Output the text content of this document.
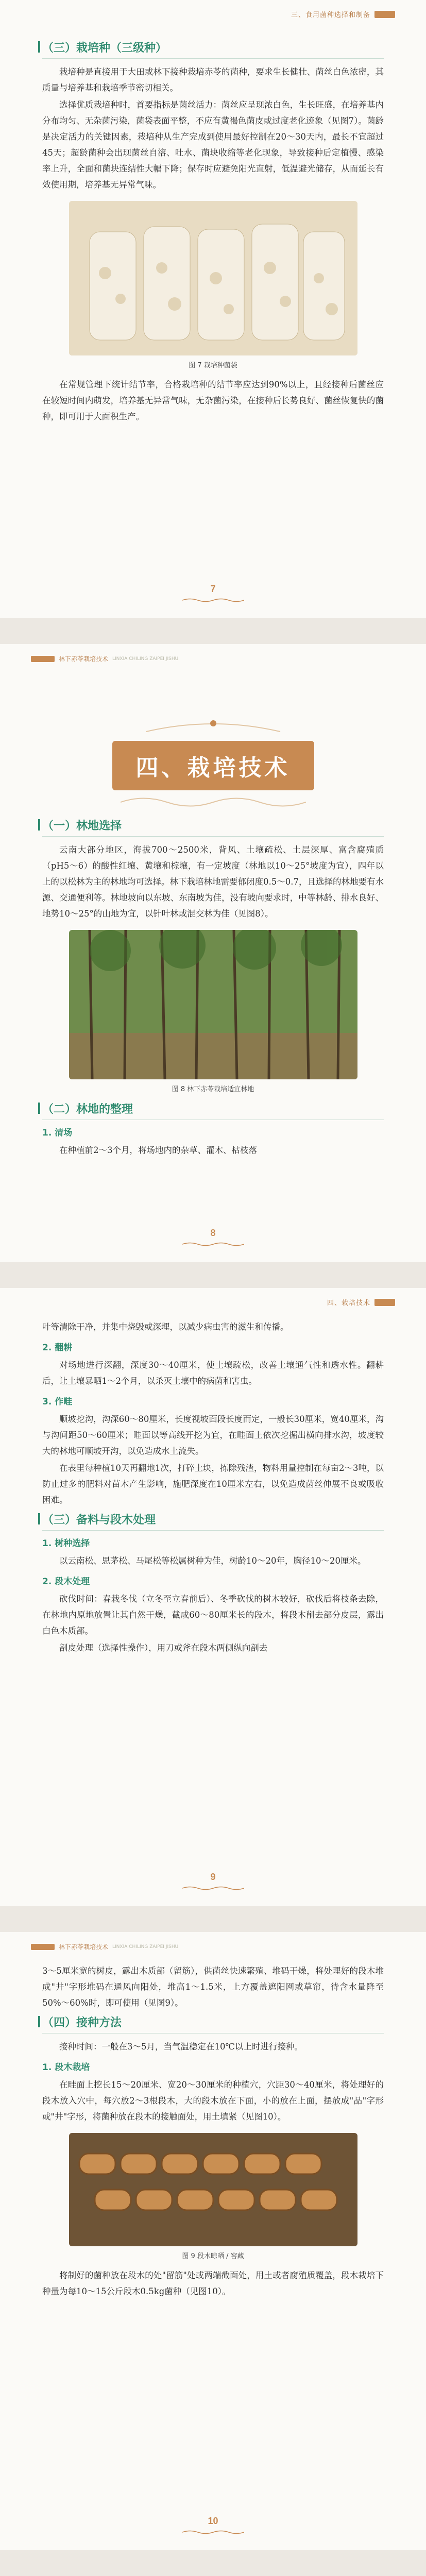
三、食用菌种选择和制备
（三）栽培种（三级种）

栽培种是直接用于大田或林下接种栽培赤苓的菌种，要求生长健壮、菌丝白色浓密，其质量与培养基和栽培季节密切相关。

选择优质栽培种时，首要指标是菌丝活力：菌丝应呈现浓白色，生长旺盛，在培养基内分布均匀、无杂菌污染，菌袋表面平整，不应有黄褐色菌皮或过度老化迹象（见图7）。菌龄是决定活力的关键因素，栽培种从生产完成到使用最好控制在20～30天内，最长不宜超过45天；超龄菌种会出现菌丝自溶、吐水、菌块收缩等老化现象，导致接种后定植慢、感染率上升，全面和菌块连结性大幅下降；保存时应避免阳光直射，低温避光储存，从而延长有效使用期，培养基无异常气味。

图 7 栽培种菌袋

在常规管理下统计结节率，合格栽培种的结节率应达到90%以上，且经接种后菌丝应在较短时间内萌发，培养基无异常气味，无杂菌污染，在接种后长势良好、菌丝恢复快的菌种，即可用于大面积生产。

7
林下赤苓栽培技术 LINXIA CHILING ZAIPEI JISHU
四、栽培技术
（一）林地选择

云南大部分地区，海拔700～2500米，背风、土壤疏松、土层深厚、富含腐殖质（pH5～6）的酸性红壤、黄壤和棕壤，有一定坡度（林地以10～25°坡度为宜），四年以上的以松林为主的林地均可选择。林下栽培林地需要郁闭度0.5～0.7，且选择的林地要有水源、交通便利等。林地坡向以东坡、东南坡为佳，没有坡向要求时，中等林龄、排水良好、地势10～25°的山地为宜，以针叶林或混交林为佳（见图8）。

图 8 林下赤苓栽培适宜林地
（二）林地的整理
1. 清场

在种植前2～3个月，将场地内的杂草、灌木、枯枝落

8
四、栽培技术

叶等清除干净，并集中烧毁或深埋，以减少病虫害的滋生和传播。

2. 翻耕

对场地进行深翻，深度30～40厘米，使土壤疏松，改善土壤通气性和透水性。翻耕后，让土壤暴晒1～2个月，以杀灭土壤中的病菌和害虫。

3. 作畦

顺坡挖沟，沟深60～80厘米，长度视坡面段长度而定，一般长30厘米，宽40厘米，沟与沟间距50～60厘米；畦面以等高线开挖为宜，在畦面上依次挖掘出横向排水沟，坡度较大的林地可顺坡开沟，以免造成水土流失。

在表里每种植10天再翻地1次，打碎土块，拣除残渣，物料用量控制在每亩2～3吨，以防止过多的肥料对苗木产生影响，施肥深度在10厘米左右，以免造成菌丝伸展不良或吸收困难。

（三）备料与段木处理
1. 树种选择

以云南松、思茅松、马尾松等松属树种为佳，树龄10～20年，胸径10～20厘米。

2. 段木处理

砍伐时间：春栽冬伐（立冬至立春前后）、冬季砍伐的树木较好，砍伐后将枝条去除，在林地内原地放置让其自然干燥，截成60～80厘米长的段木，将段木削去部分皮层，露出白色木质部。

剖皮处理（选择性操作），用刀或斧在段木两侧纵向剖去

9
林下赤苓栽培技术 LINXIA CHILING ZAIPEI JISHU

3～5厘米宽的树皮，露出木质部（留筋），供菌丝快速繁殖、堆码干燥，将处理好的段木堆成"井"字形堆码在通风向阳处，堆高1～1.5米，上方覆盖遮阳网或草帘，待含水量降至50%～60%时，即可使用（见图9）。

（四）接种方法

接种时间：一般在3～5月，当气温稳定在10℃以上时进行接种。

1. 段木栽培

在畦面上挖长15～20厘米、宽20～30厘米的种植穴，穴距30～40厘米，将处理好的段木放入穴中，每穴放2～3根段木，大的段木放在下面，小的放在上面，摆放成"品"字形或"井"字形，将菌种放在段木的接触面处，用土填紧（见图10）。

图 9 段木晾晒 / 窖藏

将制好的菌种放在段木的处"留筋"处或两端截面处，用土或者腐殖质覆盖，段木栽培下种量为每10～15公斤段木0.5kg菌种（见图10）。

10
